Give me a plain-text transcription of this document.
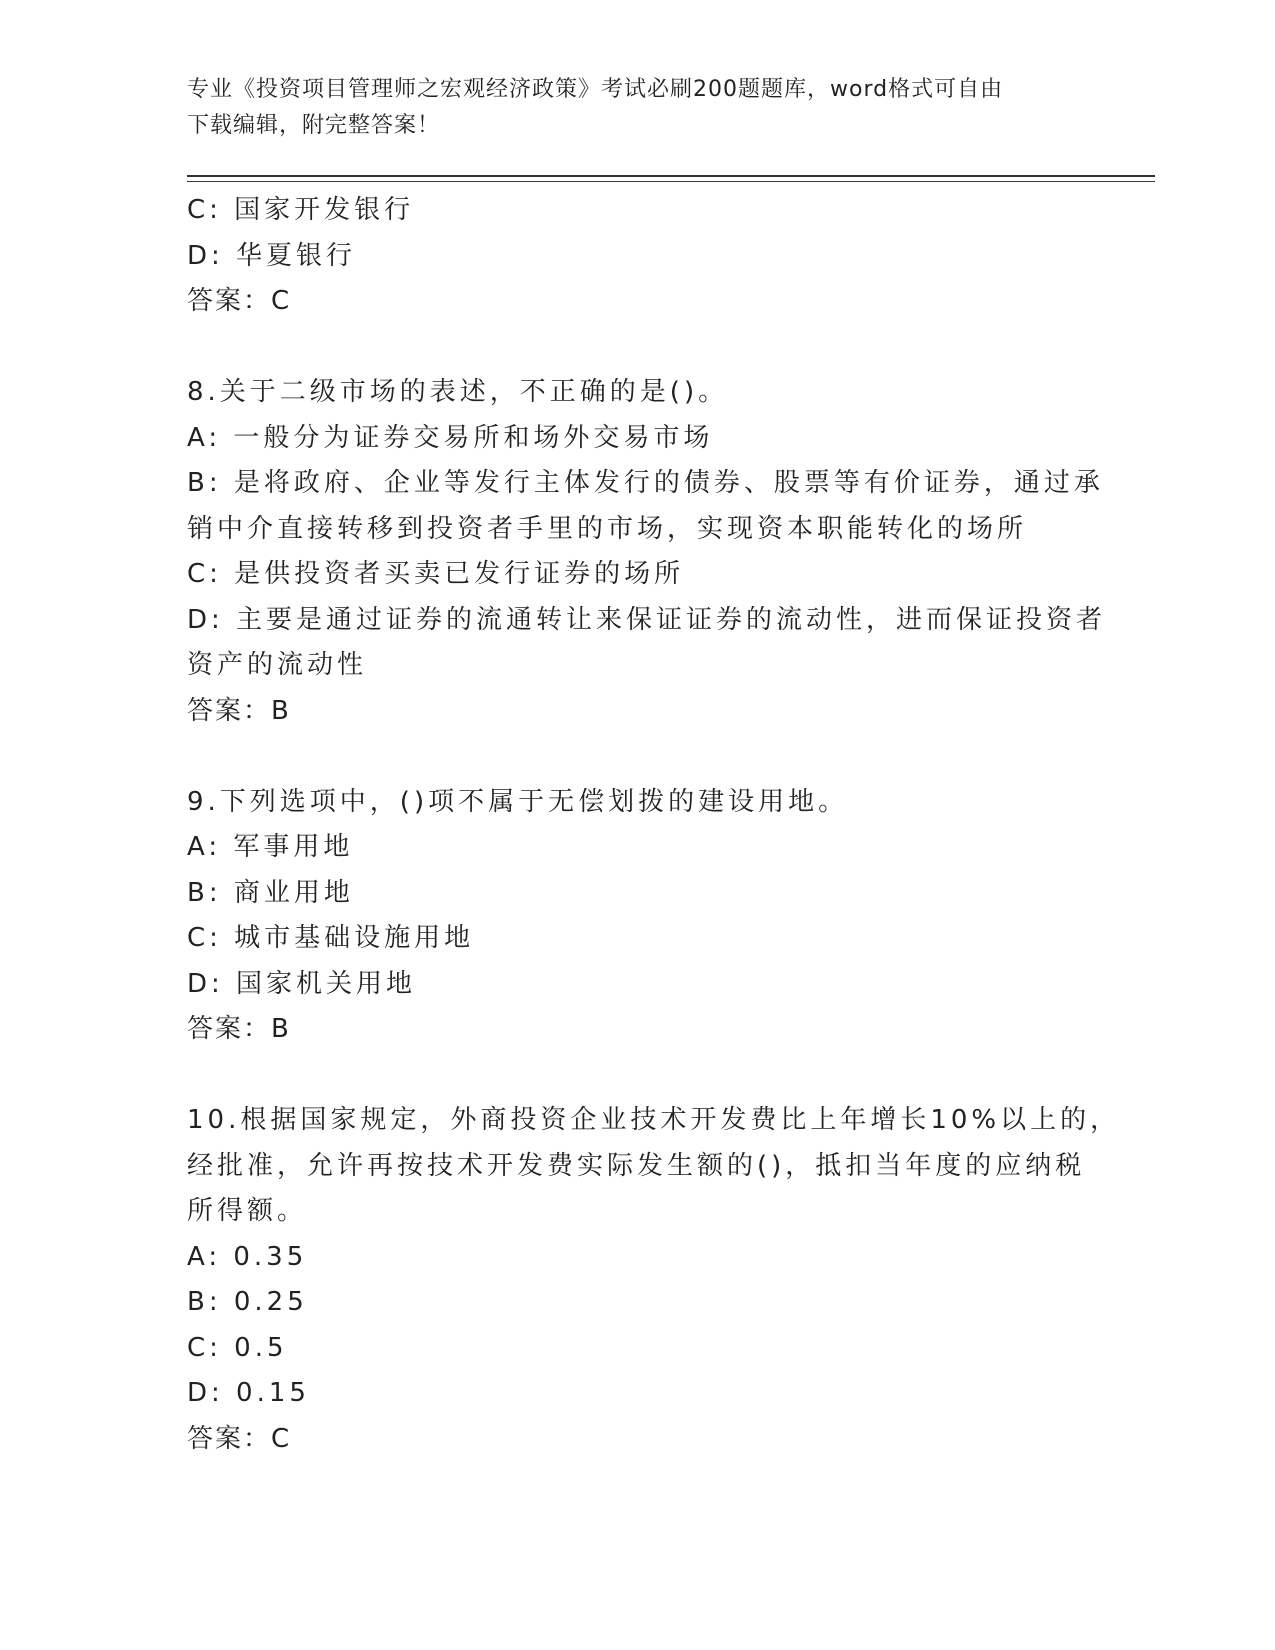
专业《投资项目管理师之宏观经济政策》考试必刷200题题库，word格式可自由
下载编辑，附完整答案！
C: 国家开发银行
D: 华夏银行
答案：C
8.关于二级市场的表述，不正确的是()。
A: 一般分为证券交易所和场外交易市场
B: 是将政府、企业等发行主体发行的债券、股票等有价证券，通过承
销中介直接转移到投资者手里的市场，实现资本职能转化的场所
C: 是供投资者买卖已发行证券的场所
D: 主要是通过证券的流通转让来保证证券的流动性，进而保证投资者
资产的流动性
答案：B
9.下列选项中，()项不属于无偿划拨的建设用地。
A: 军事用地
B: 商业用地
C: 城市基础设施用地
D: 国家机关用地
答案：B
10.根据国家规定，外商投资企业技术开发费比上年增长10%以上的，
经批准，允许再按技术开发费实际发生额的()，抵扣当年度的应纳税
所得额。
A: 0.35
B: 0.25
C: 0.5
D: 0.15
答案：C
